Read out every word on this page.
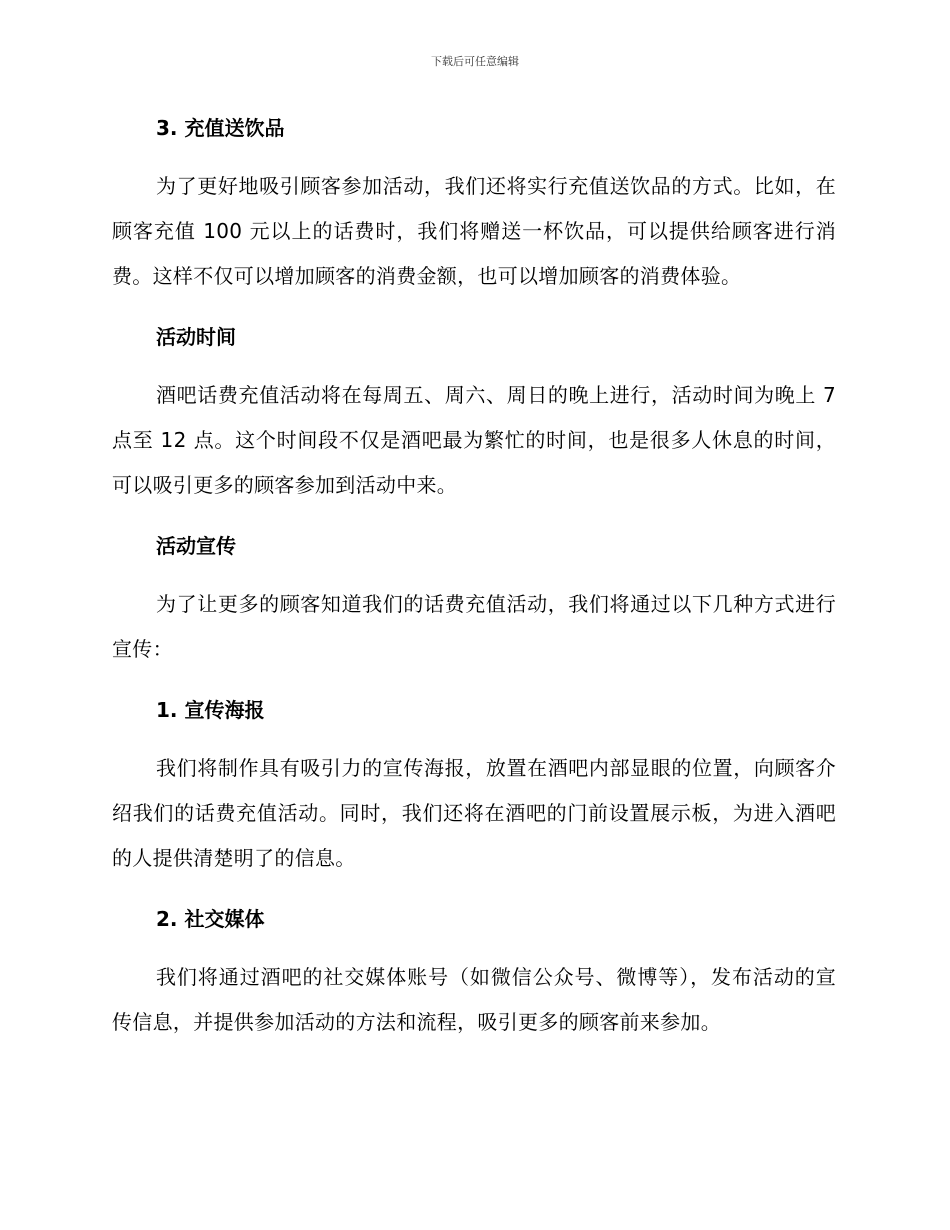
下载后可任意编辑
3. 充值送饮品

为了更好地吸引顾客参加活动，我们还将实行充值送饮品的方式。比如，在顾客充值 100 元以上的话费时，我们将赠送一杯饮品，可以提供给顾客进行消费。这样不仅可以增加顾客的消费金额，也可以增加顾客的消费体验。

活动时间

酒吧话费充值活动将在每周五、周六、周日的晚上进行，活动时间为晚上 7 点至 12 点。这个时间段不仅是酒吧最为繁忙的时间，也是很多人休息的时间，可以吸引更多的顾客参加到活动中来。

活动宣传

为了让更多的顾客知道我们的话费充值活动，我们将通过以下几种方式进行宣传：

1. 宣传海报

我们将制作具有吸引力的宣传海报，放置在酒吧内部显眼的位置，向顾客介绍我们的话费充值活动。同时，我们还将在酒吧的门前设置展示板，为进入酒吧的人提供清楚明了的信息。

2. 社交媒体

我们将通过酒吧的社交媒体账号（如微信公众号、微博等），发布活动的宣传信息，并提供参加活动的方法和流程，吸引更多的顾客前来参加。
